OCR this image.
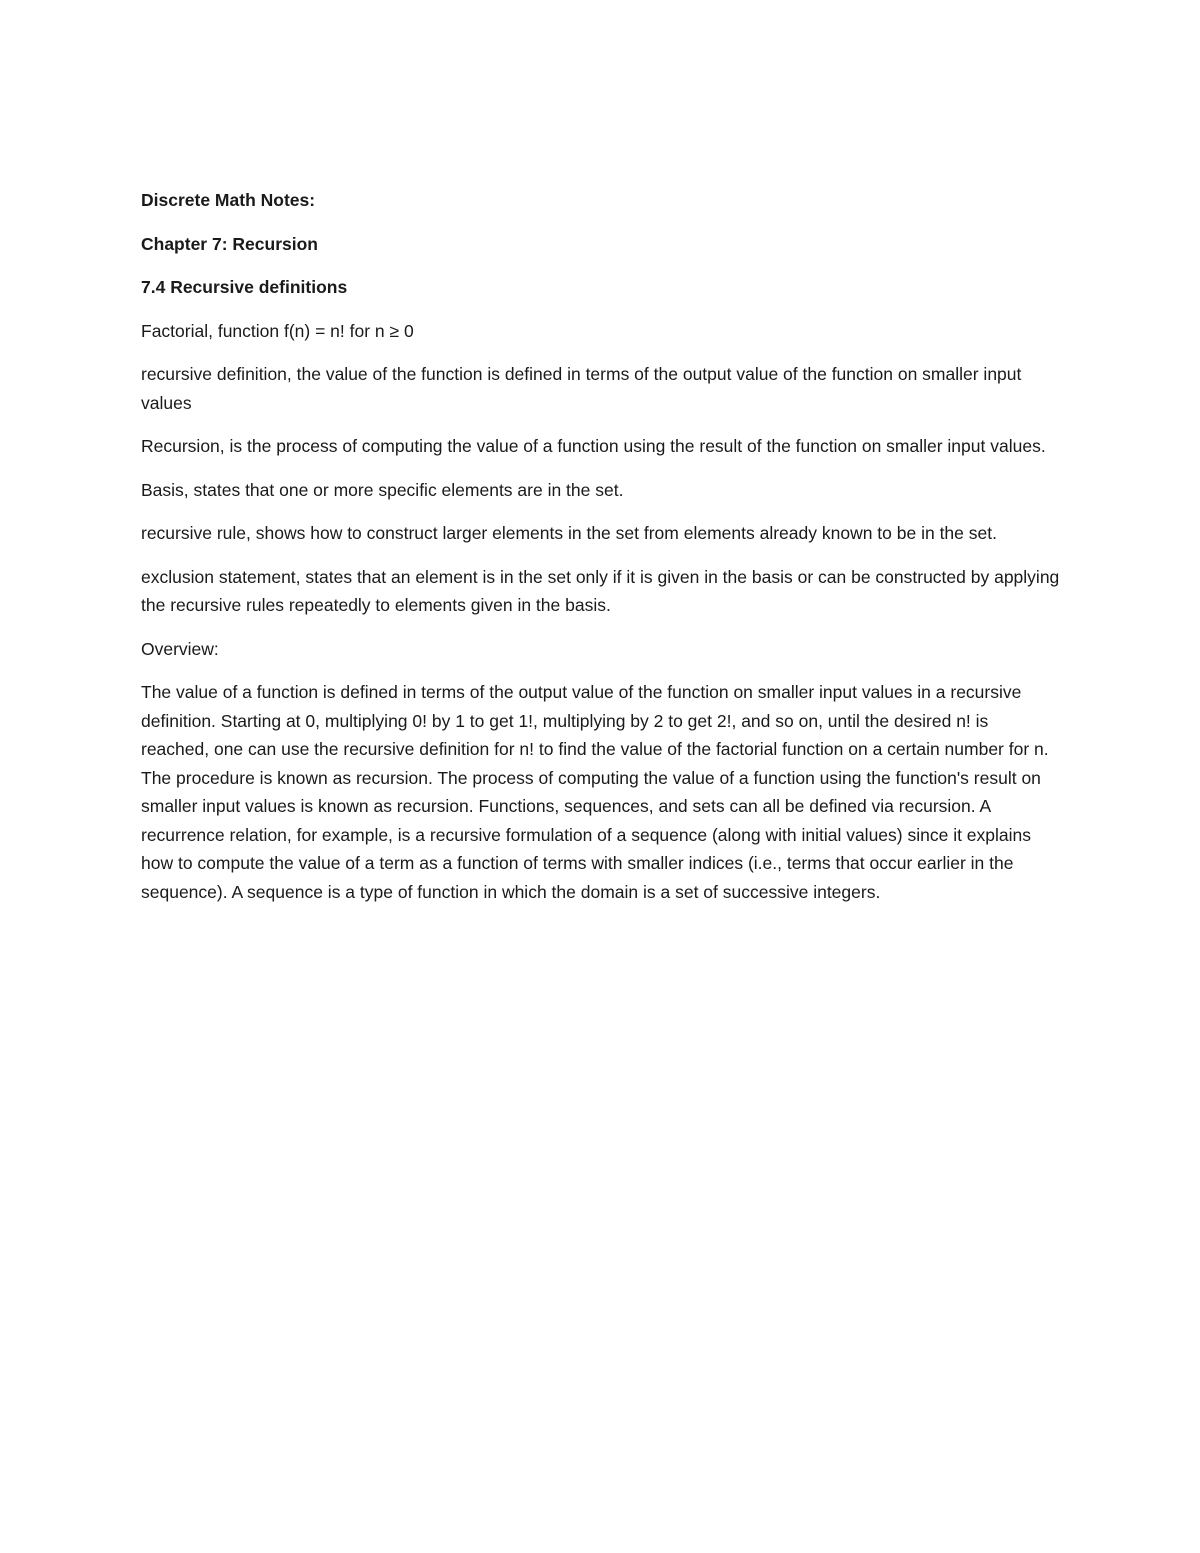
Discrete Math Notes:

Chapter 7: Recursion

7.4 Recursive definitions

Factorial, function f(n) = n! for n ≥ 0

recursive definition, the value of the function is defined in terms of the output value of the function on smaller input values

Recursion, is the process of computing the value of a function using the result of the function on smaller input values.

Basis, states that one or more specific elements are in the set.

recursive rule, shows how to construct larger elements in the set from elements already known to be in the set.

exclusion statement, states that an element is in the set only if it is given in the basis or can be constructed by applying the recursive rules repeatedly to elements given in the basis.

Overview:

The value of a function is defined in terms of the output value of the function on smaller input values in a recursive definition. Starting at 0, multiplying 0! by 1 to get 1!, multiplying by 2 to get 2!, and so on, until the desired n! is reached, one can use the recursive definition for n! to find the value of the factorial function on a certain number for n. The procedure is known as recursion. The process of computing the value of a function using the function's result on smaller input values is known as recursion. Functions, sequences, and sets can all be defined via recursion. A recurrence relation, for example, is a recursive formulation of a sequence (along with initial values) since it explains how to compute the value of a term as a function of terms with smaller indices (i.e., terms that occur earlier in the sequence). A sequence is a type of function in which the domain is a set of successive integers.
